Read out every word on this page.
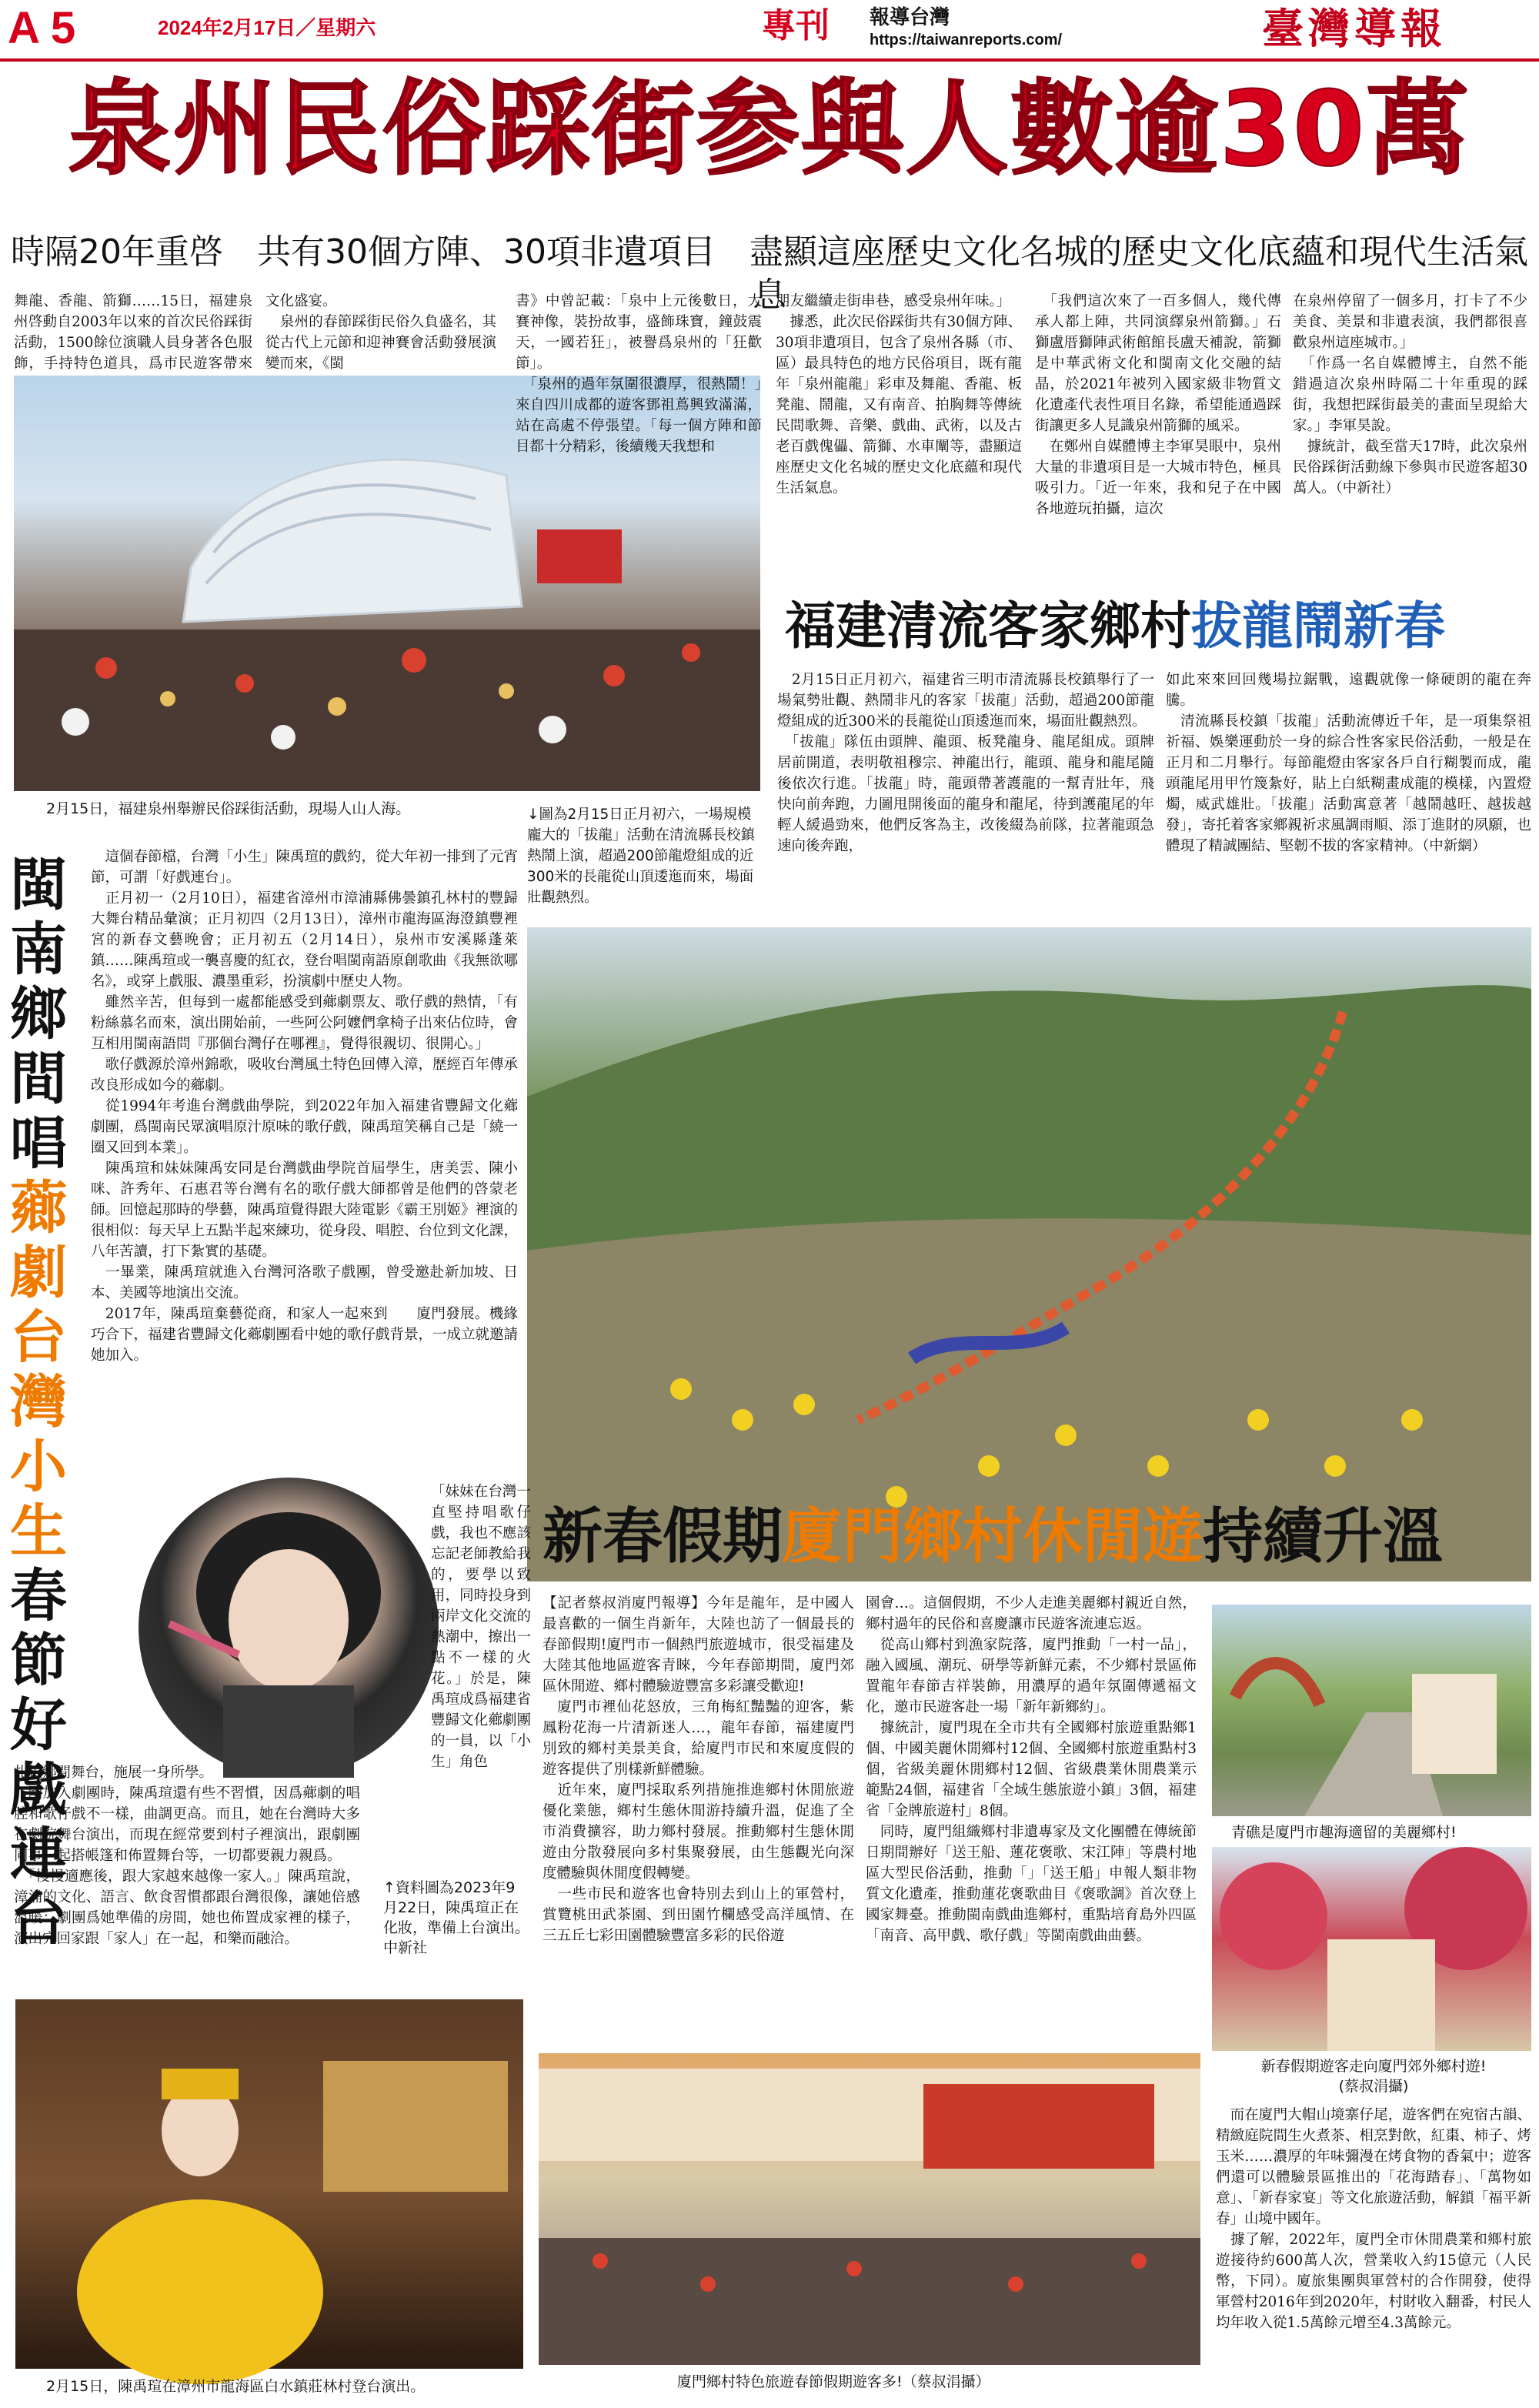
A 5	2024年2月17日／星期六	專刊	報導台灣
https://taiwanreports.com/	臺灣導報
泉州民俗踩街参與人數逾30萬
時隔20年重啓　共有30個方陣、30項非遺項目　盡顯這座歷史文化名城的歷史文化底蘊和現代生活氣息
舞龍、香龍、箭獅……15日，福建泉州啓動自2003年以來的首次民俗踩街活動，1500餘位演職人員身著各色服飾，手持特色道具，爲市民遊客帶來
文化盛宴。
　泉州的春節踩街民俗久負盛名，其從古代上元節和迎神賽會活動發展演變而來，《閩
2月15日，福建泉州舉辦民俗踩街活動，現場人山人海。
書》中曾記載：「泉中上元後數日，大賽神像，裝扮故事，盛飾珠寶，鐘鼓震天，一國若狂」，被譽爲泉州的「狂歡節」。
　「泉州的過年氛圍很濃厚，很熱鬧！」來自四川成都的遊客鄧祖蔦興致滿滿，站在高處不停張望。「每一個方陣和節目都十分精彩，後續幾天我想和
朋友繼續走街串巷，感受泉州年味。」
　據悉，此次民俗踩街共有30個方陣、30項非遺項目，包含了泉州各縣（市、區）最具特色的地方民俗項目，既有龍年「泉州龍龍」彩車及舞龍、香龍、板凳龍、鬧龍，又有南音、拍胸舞等傳統民間歌舞、音樂、戲曲、武術，以及古老百戲傀儡、箭獅、水車闡等，盡顯這座歷史文化名城的歷史文化底蘊和現代生活氣息。
　「我們這次來了一百多個人，幾代傳承人都上陣，共同演繹泉州箭獅。」石獅盧厝獅陣武術館館長盧天補說，箭獅是中華武術文化和閩南文化交融的結晶，於2021年被列入國家級非物質文化遺產代表性項目名錄，希望能通過踩街讓更多人見識泉州箭獅的風采。
　在鄭州自媒體博主李軍昊眼中，泉州大量的非遺項目是一大城市特色，極具吸引力。「近一年來，我和兒子在中國各地遊玩拍攝，這次
在泉州停留了一個多月，打卡了不少美食、美景和非遺表演，我們都很喜歡泉州這座城市。」
　「作爲一名自媒體博主，自然不能錯過這次泉州時隔二十年重現的踩街，我想把踩街最美的畫面呈現給大家。」李軍昊說。
　據統計，截至當天17時，此次泉州民俗踩街活動線下參與市民遊客超30萬人。（中新社）
福建清流客家鄉村拔龍鬧新春
　2月15日正月初六，福建省三明市清流縣長校鎮舉行了一場氣勢壯觀、熱鬧非凡的客家「拔龍」活動，超過200節龍燈組成的近300米的長龍從山頂逶迤而來，場面壯觀熱烈。
　「拔龍」隊伍由頭牌、龍頭、板凳龍身、龍尾組成。頭牌居前開道，表明敬祖穆宗、神龍出行，龍頭、龍身和龍尾隨後依次行進。「拔龍」時，龍頭帶著護龍的一幫青壯年，飛快向前奔跑，力圖甩開後面的龍身和龍尾，待到護龍尾的年輕人緩過勁來，他們反客為主，改後綴為前隊，拉著龍頭急速向後奔跑，
如此來來回回幾場拉鋸戰，遠觀就像一條硬朗的龍在奔騰。
　清流縣長校鎮「拔龍」活動流傳近千年，是一項集祭祖祈福、娛樂運動於一身的綜合性客家民俗活動，一般是在正月和二月舉行。每節龍燈由客家各戶自行糊製而成，龍頭龍尾用甲竹篾紮好，貼上白紙糊畫成龍的模樣，內置燈燭，威武雄壯。「拔龍」活動寓意著「越鬧越旺、越拔越發」，寄托着客家鄉親祈求風調雨順、添丁進財的夙願，也體現了精誠團結、堅韌不拔的客家精神。（中新網）
↓圖為2月15日正月初六，一場規模龐大的「拔龍」活動在清流縣長校鎮熱鬧上演，超過200節龍燈組成的近300米的長龍從山頂逶迤而來，場面壯觀熱烈。
閩
南
鄉
間
唱
薌
劇
台
灣
小
生
春
節
好
戲
連
台
　這個春節檔，台灣「小生」陳禹瑄的戲約，從大年初一排到了元宵節，可謂「好戲連台」。
　正月初一（2月10日），福建省漳州市漳浦縣佛曇鎮孔林村的豐歸大舞台精品彙演；正月初四（2月13日），漳州市龍海區海澄鎮豐裡宮的新春文藝晚會；正月初五（2月14日），泉州市安溪縣蓬萊鎮……陳禹瑄或一襲喜慶的紅衣，登台唱閩南語原創歌曲《我無欲哪名》，或穿上戲服、濃墨重彩，扮演劇中歷史人物。
　雖然辛苦，但每到一處都能感受到薌劇票友、歌仔戲的熱情，「有粉絲慕名而來，演出開始前，一些阿公阿嬤們拿椅子出來佔位時，會互相用閩南語問『那個台灣仔在哪裡』，覺得很親切、很開心。」
　歌仔戲源於漳州錦歌，吸收台灣風土特色回傳入漳，歷經百年傳承改良形成如今的薌劇。
　從1994年考進台灣戲曲學院，到2022年加入福建省豐歸文化薌劇團，爲閩南民眾演唱原汁原味的歌仔戲，陳禹瑄笑稱自己是「繞一圈又回到本業」。
　陳禹瑄和妹妹陳禹安同是台灣戲曲學院首屆學生，唐美雲、陳小咪、許秀年、石惠君等台灣有名的歌仔戲大師都曾是他們的啓蒙老師。回憶起那時的學藝，陳禹瑄覺得跟大陸電影《霸王別姬》裡演的很相似：每天早上五點半起來練功，從身段、唱腔、台位到文化課，八年苦讀，打下紮實的基礎。
　一畢業，陳禹瑄就進入台灣河洛歌子戲團，曾受邀赴新加坡、日本、美國等地演出交流。
　2017年，陳禹瑄棄藝從商，和家人一起來到　　廈門發展。機緣巧合下，福建省豐歸文化薌劇團看中她的歌仔戲背景，一成立就邀請她加入。
「妹妹在台灣一直堅持唱歌仔戲，我也不應該忘記老師教給我的，要學以致用，同時投身到兩岸文化交流的熱潮中，擦出一點不一樣的火花。」於是，陳禹瑄成爲福建省豐歸文化薌劇團的一員，以「小生」角色
扎根鄉間舞台，施展一身所學。
　剛加入劇團時，陳禹瑄還有些不習慣，因爲薌劇的唱腔和歌仔戲不一樣，曲調更高。而且，她在台灣時大多在劇院舞台演出，而現在經常要到村子裡演出，跟劇團同事一起搭帳篷和佈置舞台等，一切都要親力親爲。
　「慢慢適應後，跟大家越來越像一家人。」陳禹瑄說，漳浦的文化、語言、飲食習慣都跟台灣很像，讓她倍感溫暖：劇團爲她準備的房間，她也佈置成家裡的樣子，演出完回家跟「家人」在一起，和樂而融洽。
↑資料圖為2023年9月22日，陳禹瑄正在化妝，準備上台演出。　中新社
2月15日，陳禹瑄在漳州市龍海區白水鎮莊林村登台演出。
新春假期廈門鄉村休閒遊持續升溫
【記者蔡叔消廈門報導】今年是龍年，是中國人最喜歡的一個生肖新年，大陸也訪了一個最長的春節假期!廈門市一個熱門旅遊城市，很受福建及大陸其他地區遊客青睞，今年春節期間，廈門郊區休閒遊、鄉村體驗遊豐富多彩讓受歡迎!
　廈門市裡仙花怒放，三角梅紅豔豔的迎客，紫鳳粉花海一片清新迷人…，龍年春節，福建廈門別致的鄉村美景美食，給廈門市民和來廈度假的遊客提供了別樣新鮮體驗。
　近年來，廈門採取系列措施推進鄉村休閒旅遊優化業態，鄉村生態休閒游持續升溫，促進了全市消費擴容，助力鄉村發展。推動鄉村生態休閒遊由分散發展向多村集聚發展，由生態觀光向深度體驗與休閒度假轉變。
　一些市民和遊客也會特別去到山上的軍營村，賞覽桃田武茶園、到田園竹欄感受高洋風情、在三五丘七彩田園體驗豐富多彩的民俗遊
園會…。這個假期，不少人走進美麗鄉村親近自然，鄉村過年的民俗和喜慶讓市民遊客流連忘返。
　從高山鄉村到漁家院落，廈門推動「一村一品」，融入國風、潮玩、研學等新鮮元素，不少鄉村景區佈置龍年春節吉祥裝飾，用濃厚的過年氛圍傳遞福文化，邀市民遊客赴一場「新年新鄉約」。
　據統計，廈門現在全市共有全國鄉村旅遊重點鄉1個、中國美麗休閒鄉村12個、全國鄉村旅遊重點村3個，省級美麗休閒鄉村12個、省級農業休閒農業示範點24個，福建省「全域生態旅遊小鎮」3個，福建省「金牌旅遊村」8個。
　同時，廈門組織鄉村非遺專家及文化團體在傳統節日期間辦好「送王船、蓮花褒歌、宋江陣」等農村地區大型民俗活動，推動「」「送王船」申報人類非物質文化遺產，推動蓮花褒歌曲目《褒歌調》首次登上國家舞臺。推動閩南戲曲進鄉村，重點培育島外四區「南音、高甲戲、歌仔戲」等閩南戲曲曲藝。
青礁是廈門市趣海適留的美麗鄉村!
新春假期遊客走向廈門郊外鄉村遊!
(蔡叔涓攝)
　而在廈門大帽山境寨仔尾，遊客們在宛宿古韻、精緻庭院間生火煮茶、相烹對飲，紅棗、柿子、烤玉米……濃厚的年味彌漫在烤食物的香氣中；遊客們還可以體驗景區推出的「花海踏春」、「萬物如意」、「新春家宴」等文化旅遊活動，解鎖「福平新春」山境中國年。
　據了解，2022年，廈門全市休閒農業和鄉村旅遊接待約600萬人次，營業收入約15億元（人民幣，下同）。廈旅集團與軍營村的合作開發，使得軍營村2016年到2020年，村財收入翻番，村民人均年收入從1.5萬餘元增至4.3萬餘元。
廈門鄉村特色旅遊春節假期遊客多!（蔡叔涓攝）
